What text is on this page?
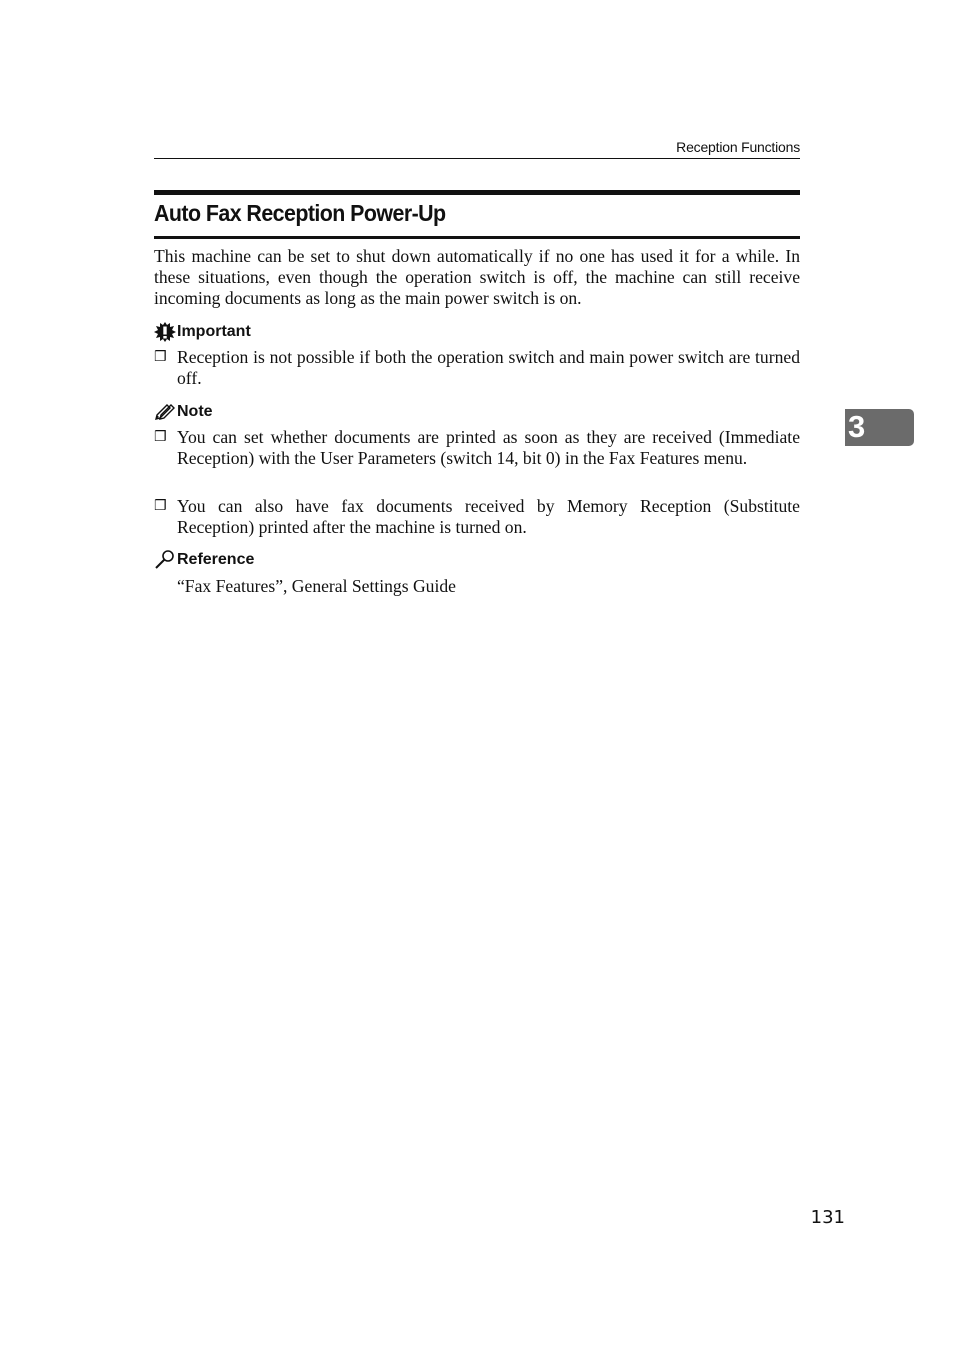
Reception Functions
Auto Fax Reception Power-Up

This machine can be set to shut down automatically if no one has used it for a while. In these situations, even though the operation switch is off, the machine can still receive incoming documents as long as the main power switch is on.

Important
❒ Reception is not possible if both the operation switch and main power switch are turned off.
Note
❒ You can set whether documents are printed as soon as they are received (Immediate Reception) with the User Parameters (switch 14, bit 0) in the Fax Features menu.
❒ You can also have fax documents received by Memory Reception (Substitute Reception) printed after the machine is turned on.
Reference
“Fax Features”, General Settings Guide
3
131
